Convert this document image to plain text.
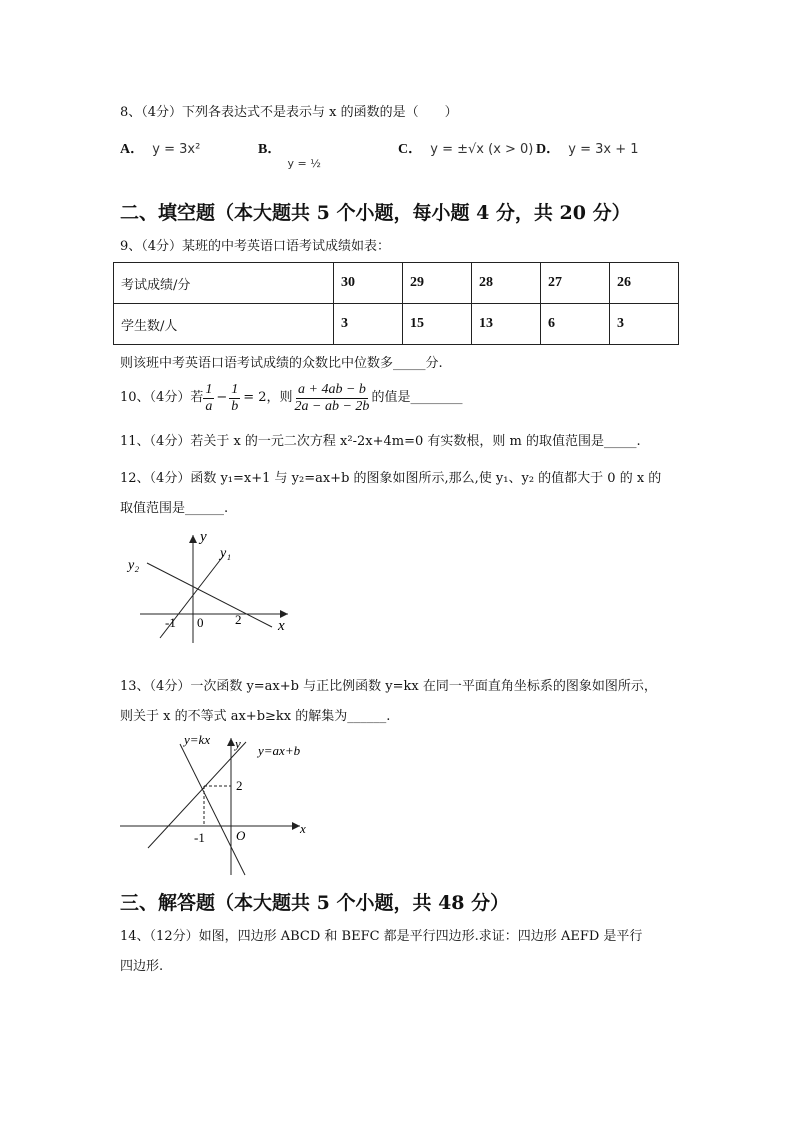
8、（4分）下列各表达式不是表示与 x 的函数的是（　　）
A． y = 3x²	B． $_{y = \frac{1}{2}}$
C． y = ±√x (x > 0) D． y = 3x + 1
二、填空题（本大题共 5 个小题，每小题 4 分，共 20 分）
9、（4分）某班的中考英语口语考试成绩如表：
考试成绩/分	30	29	28	27	26
学生数/人	3	15	13	6	3
则该班中考英语口语考试成绩的众数比中位数多_____分.
10、（4分）若 $\frac{1}{a} - \frac{1}{b} = 2$，则 $\frac{a + 4ab - b}{2a - ab - 2b}$ 的值是________
11、（4分）若关于 x 的一元二次方程 x²-2x+4m=0 有实数根，则 m 的取值范围是_____.
12、（4分）函数 y₁=x+1 与 y₂=ax+b 的图象如图所示,那么,使 y₁、y₂ 的值都大于 0 的 x 的
取值范围是______.
y
x
y₁
y₂
-1 0 2
13、（4分）一次函数 y=ax+b 与正比例函数 y=kx 在同一平面直角坐标系的图象如图所示，
则关于 x 的不等式 ax+b≥kx 的解集为______.
y=kx y y=ax+b
2
-1 O	x
三、解答题（本大题共 5 个小题，共 48 分）
14、（12分）如图，四边形 ABCD 和 BEFC 都是平行四边形.求证：四边形 AEFD 是平行
四边形.
